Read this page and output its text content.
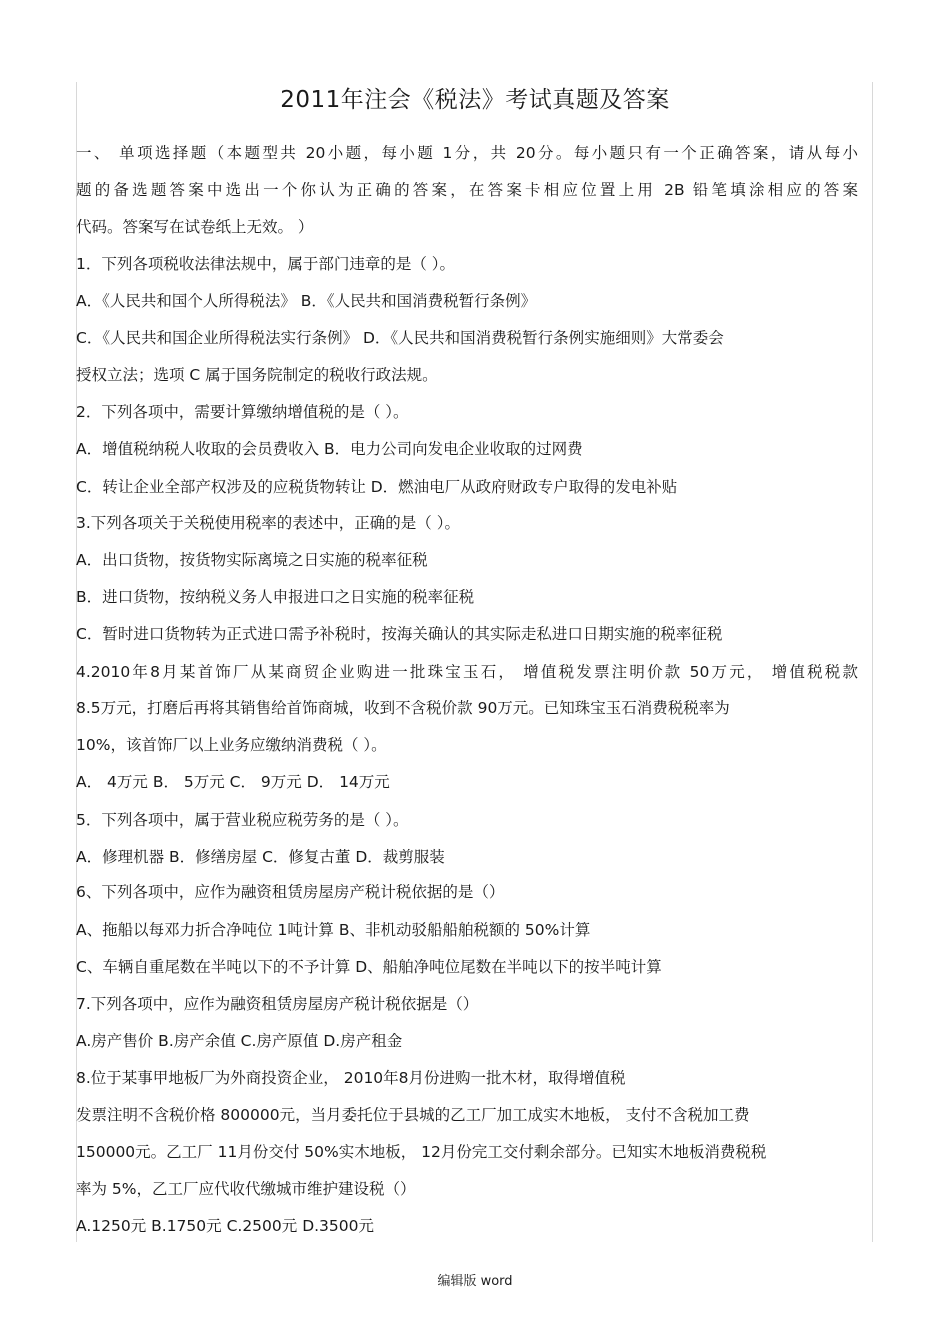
2011年注会《税法》考试真题及答案
一、 单项选择题（本题型共 20小题，每小题 1分，共 20分。每小题只有一个正确答案，请从每小
题的备选题答案中选出一个你认为正确的答案，在答案卡相应位置上用 2B 铅笔填涂相应的答案
代码。答案写在试卷纸上无效。 ）
1．下列各项税收法律法规中，属于部门违章的是（ ）。
A．《人民共和国个人所得税法》 B．《人民共和国消费税暂行条例》
C．《人民共和国企业所得税法实行条例》 D．《人民共和国消费税暂行条例实施细则》大常委会
授权立法；选项 C 属于国务院制定的税收行政法规。
2．下列各项中，需要计算缴纳增值税的是（ ）。
A．增值税纳税人收取的会员费收入 B．电力公司向发电企业收取的过网费
C．转让企业全部产权涉及的应税货物转让 D．燃油电厂从政府财政专户取得的发电补贴
3.下列各项关于关税使用税率的表述中，正确的是（ ）。
A．出口货物，按货物实际离境之日实施的税率征税
B．进口货物，按纳税义务人申报进口之日实施的税率征税
C．暂时进口货物转为正式进口需予补税时，按海关确认的其实际走私进口日期实施的税率征税
4.2010年8月某首饰厂从某商贸企业购进一批珠宝玉石， 增值税发票注明价款 50万元， 增值税税款
8.5万元，打磨后再将其销售给首饰商城，收到不含税价款 90万元。已知珠宝玉石消费税税率为
10%，该首饰厂以上业务应缴纳消费税（ ）。
A． 4万元 B． 5万元 C． 9万元 D． 14万元
5．下列各项中，属于营业税应税劳务的是（ ）。
A．修理机器 B．修缮房屋 C．修复古董 D．裁剪服装
6、下列各项中，应作为融资租赁房屋房产税计税依据的是（）
A、拖船以每邓力折合净吨位 1吨计算 B、非机动驳船船舶税额的 50%计算
C、车辆自重尾数在半吨以下的不予计算 D、船舶净吨位尾数在半吨以下的按半吨计算
7.下列各项中，应作为融资租赁房屋房产税计税依据是（）
A.房产售价 B.房产余值 C.房产原值 D.房产租金
8.位于某事甲地板厂为外商投资企业， 2010年8月份进购一批木材，取得增值税
发票注明不含税价格 800000元，当月委托位于县城的乙工厂加工成实木地板， 支付不含税加工费
150000元。乙工厂 11月份交付 50%实木地板， 12月份完工交付剩余部分。已知实木地板消费税税
率为 5%，乙工厂应代收代缴城市维护建设税（）
A.1250元 B.1750元 C.2500元 D.3500元
编辑版 word
